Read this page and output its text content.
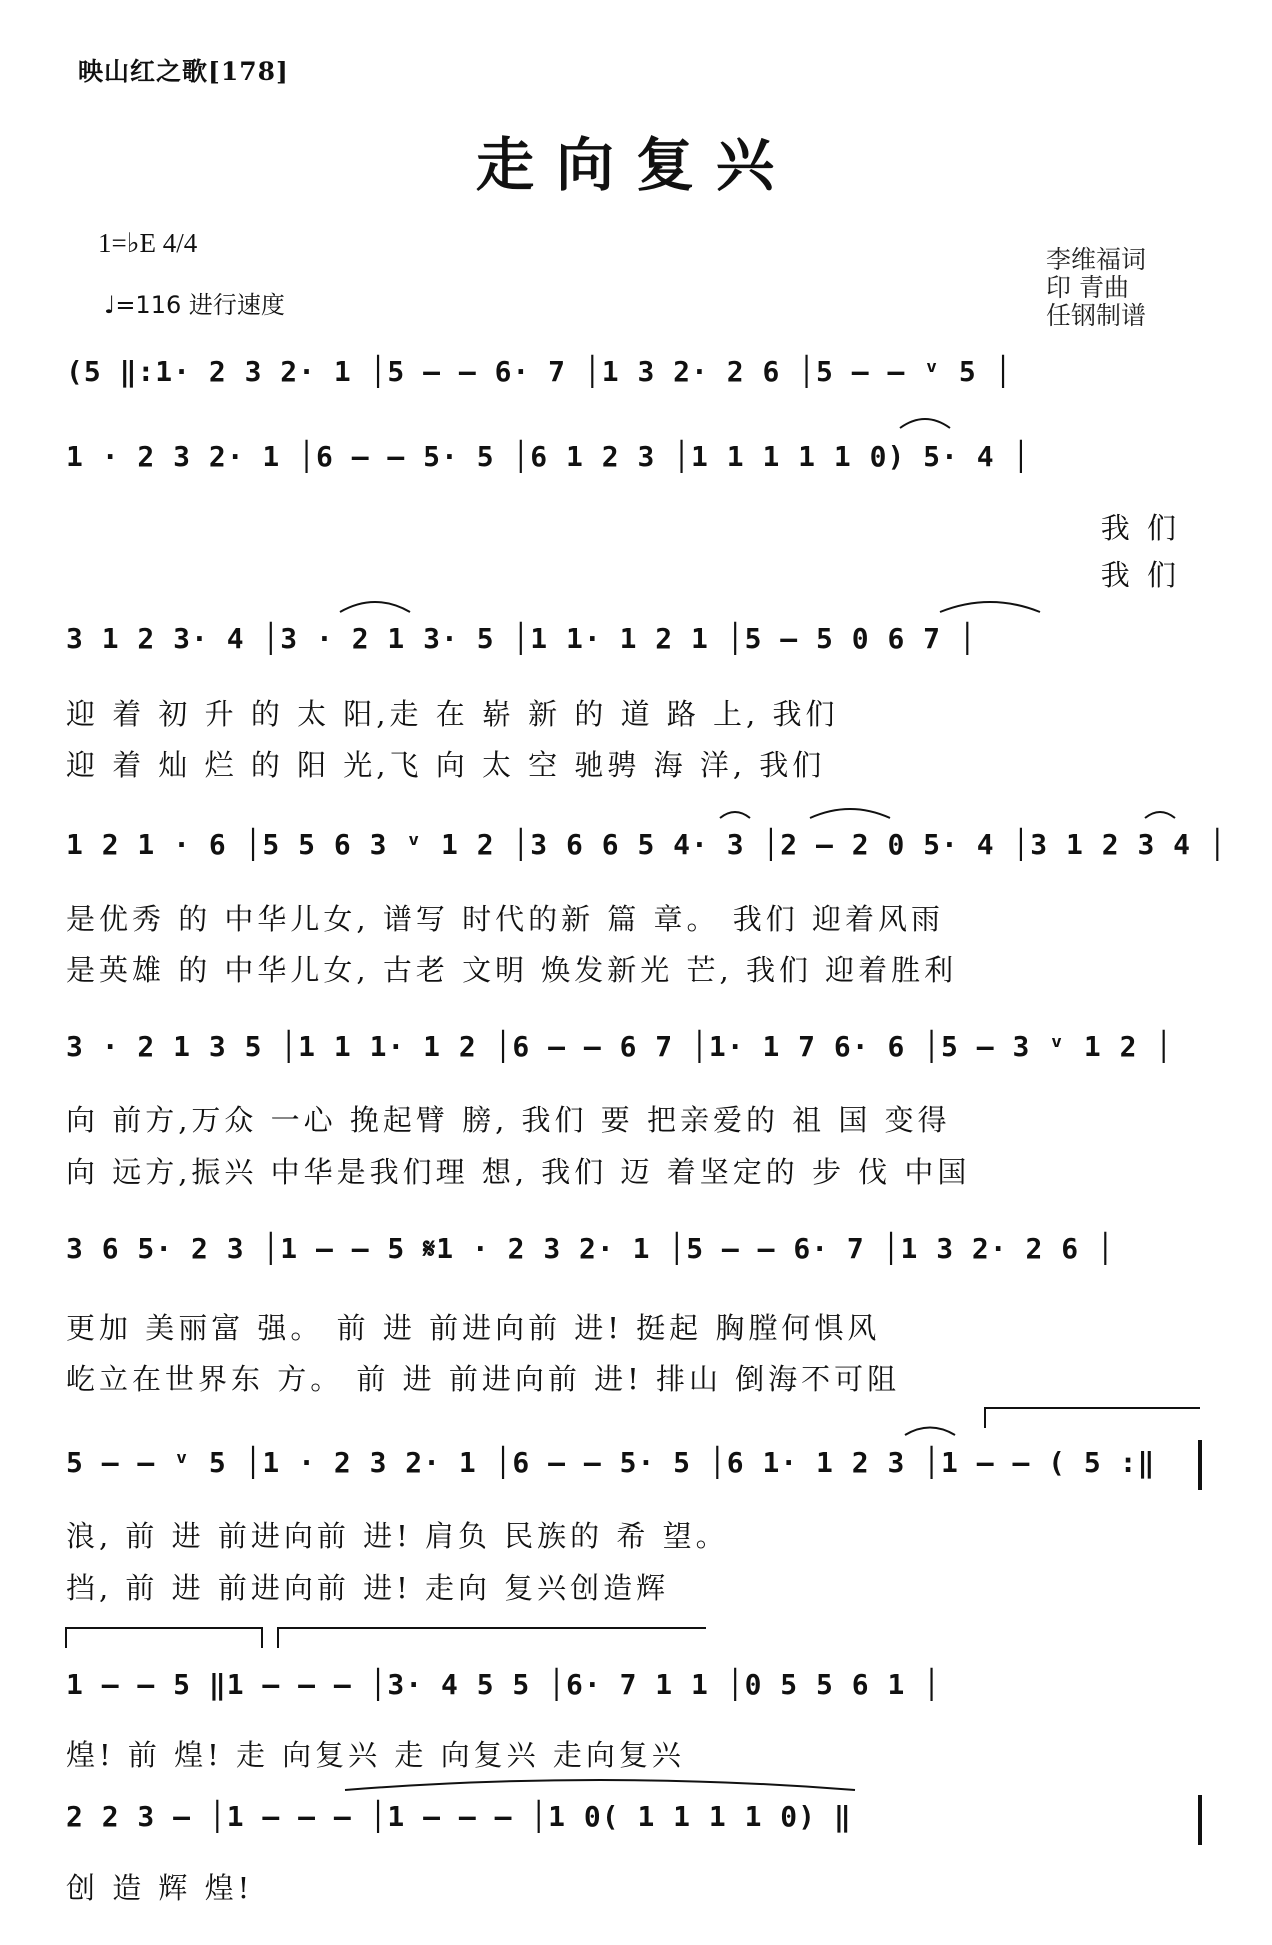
映山红之歌[178]
走向复兴
1=♭E 4/4
♩=116 进行速度
李维福词
印 青曲
任钢制谱
(5 ‖:1· 2 3 2· 1 │5 – – 6· 7 │1 3 2· 2 6 │5 – – ᵛ 5 │
1 · 2 3 2· 1 │6 – – 5· 5 │6 1 2 3 │1 1 1 1 1 0) 5· 4 │
我 们
我 们
3 1 2 3· 4 │3 · 2 1 3· 5 │1 1· 1 2 1 │5 – 5 0 6 7 │
迎 着 初 升 的 太 阳,走 在 崭 新 的 道 路 上, 我们
迎 着 灿 烂 的 阳 光,飞 向 太 空 驰骋 海 洋, 我们
1 2 1 · 6 │5 5 6 3 ᵛ 1 2 │3 6 6 5 4· 3 │2 – 2 0 5· 4 │3 1 2 3 4 │
是优秀 的 中华儿女, 谱写 时代的新 篇 章。 我们 迎着风雨
是英雄 的 中华儿女, 古老 文明 焕发新光 芒, 我们 迎着胜利
3 · 2 1 3 5 │1 1 1· 1 2 │6 – – 6 7 │1· 1 7 6· 6 │5 – 3 ᵛ 1 2 │
向 前方,万众 一心 挽起臂 膀, 我们 要 把亲爱的 祖 国 变得
向 远方,振兴 中华是我们理 想, 我们 迈 着坚定的 步 伐 中国
3 6 5· 2 3 │1 – – 5 𝄋1 · 2 3 2· 1 │5 – – 6· 7 │1 3 2· 2 6 │
更加 美丽富 强。 前 进 前进向前 进! 挺起 胸膛何惧风
屹立在世界东 方。 前 进 前进向前 进! 排山 倒海不可阻
5 – – ᵛ 5 │1 · 2 3 2· 1 │6 – – 5· 5 │6 1· 1 2 3 │1 – – ( 5 :‖
浪, 前 进 前进向前 进! 肩负 民族的 希 望。
挡, 前 进 前进向前 进! 走向 复兴创造辉
1 – – 5 ‖1 – – – │3· 4 5 5 │6· 7 1 1 │0 5 5 6 1 │
煌! 前 煌! 走 向复兴 走 向复兴 走向复兴
2 2 3 – │1 – – – │1 – – – │1 0( 1 1 1 1 0) ‖
创 造 辉 煌!
